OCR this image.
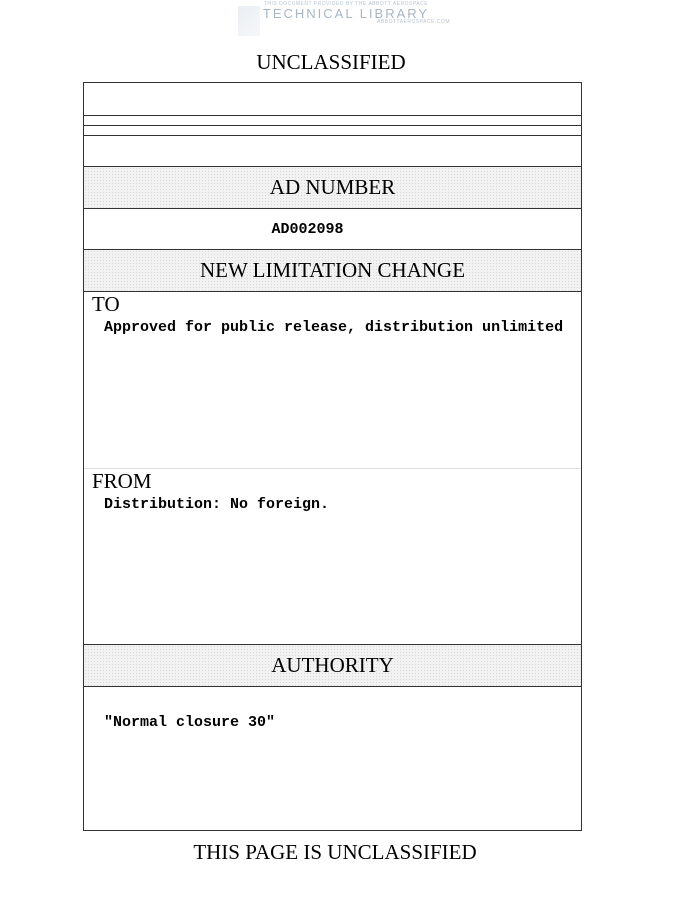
THIS DOCUMENT PROVIDED BY THE ABBOTT AEROSPACE
TECHNICAL LIBRARY
ABBOTTAEROSPACE.COM
UNCLASSIFIED
AD NUMBER
AD002098
NEW LIMITATION CHANGE
TO
Approved for public release, distribution unlimited
FROM
Distribution: No foreign.
AUTHORITY
"Normal closure 30"
THIS PAGE IS UNCLASSIFIED
